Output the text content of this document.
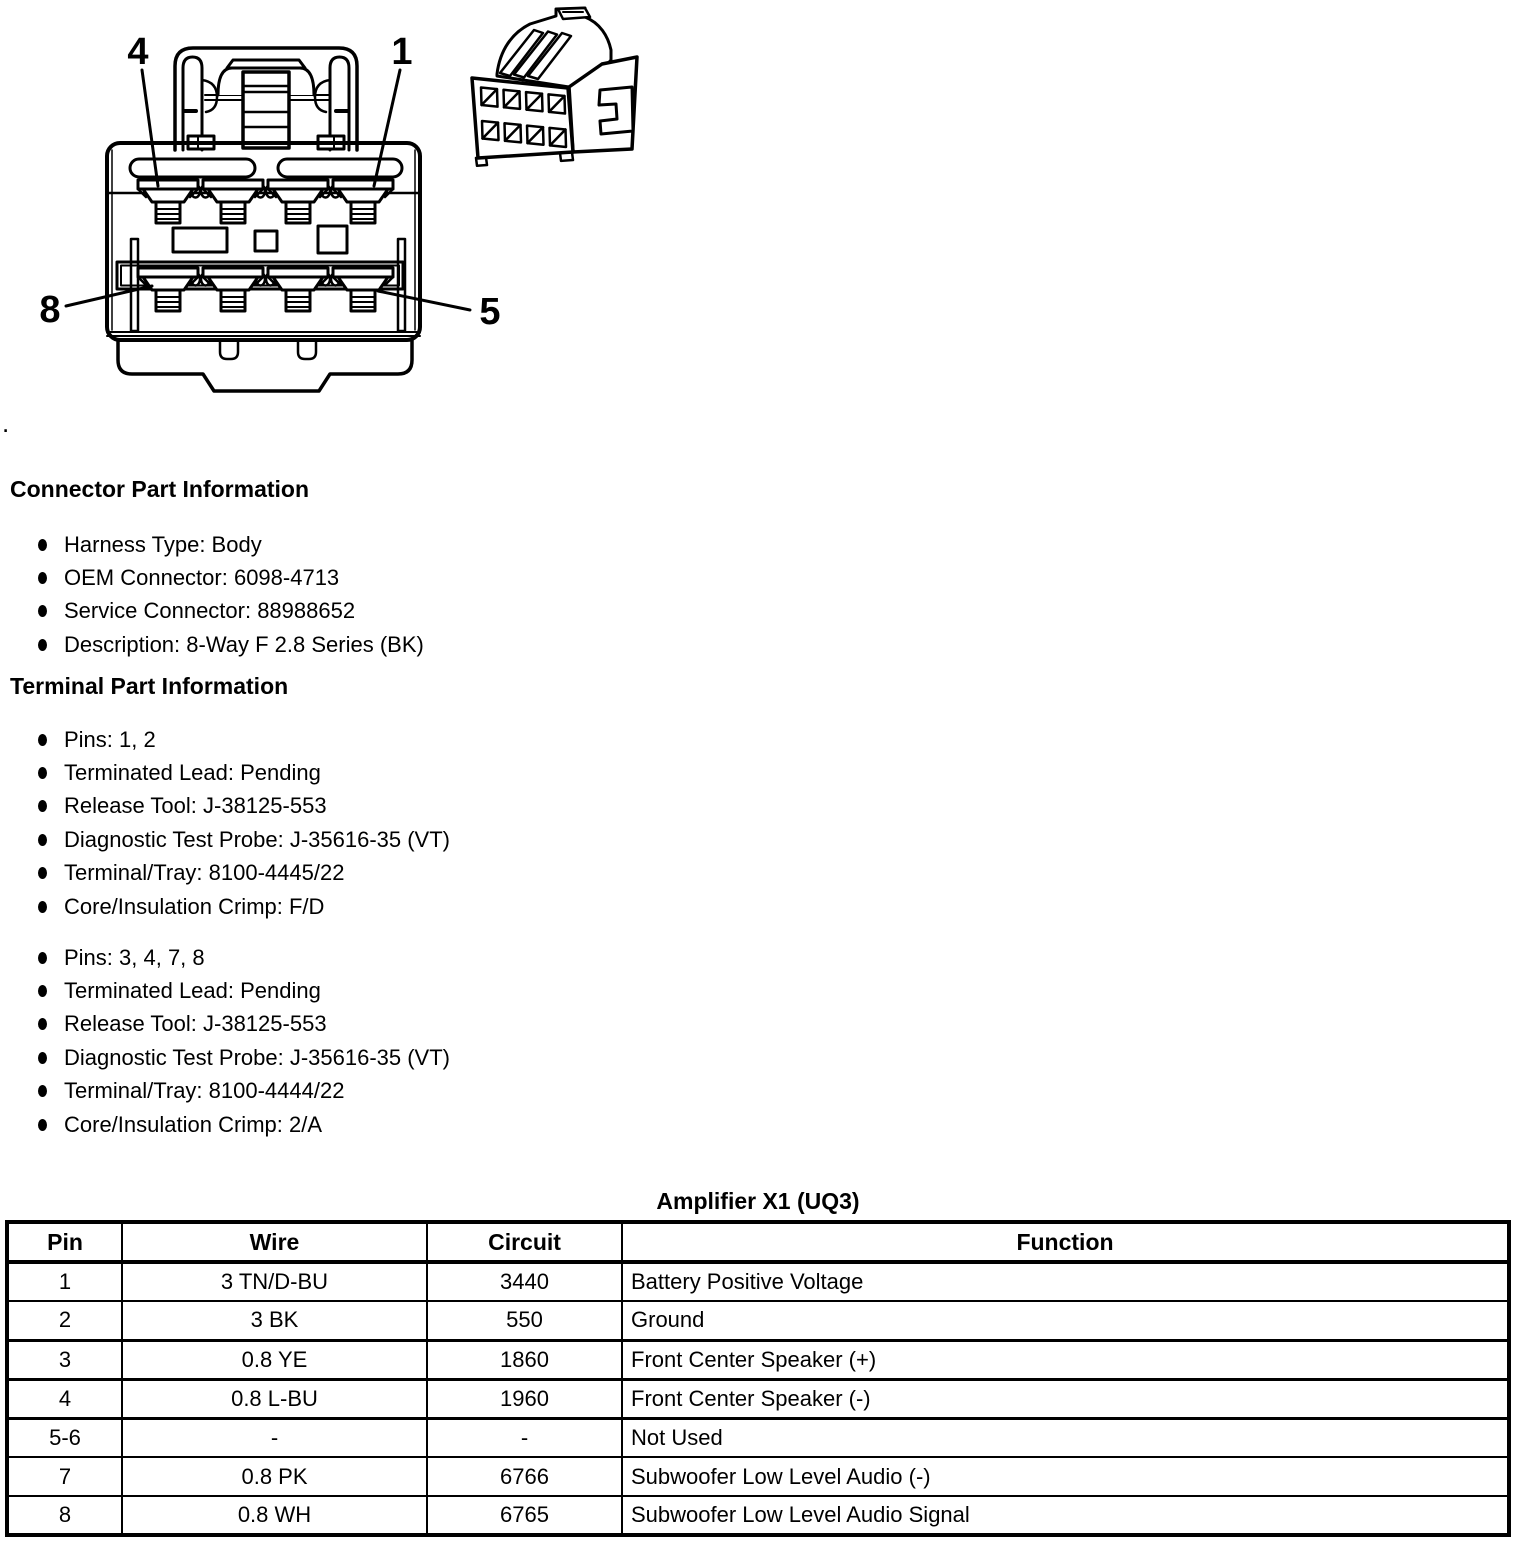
4	1
8	5
.
Connector Part Information
Harness Type: Body
OEM Connector: 6098-4713
Service Connector: 88988652
Description: 8-Way F 2.8 Series (BK)
Terminal Part Information
Pins: 1, 2
Terminated Lead: Pending
Release Tool: J-38125-553
Diagnostic Test Probe: J-35616-35 (VT)
Terminal/Tray: 8100-4445/22
Core/Insulation Crimp: F/D
Pins: 3, 4, 7, 8
Terminated Lead: Pending
Release Tool: J-38125-553
Diagnostic Test Probe: J-35616-35 (VT)
Terminal/Tray: 8100-4444/22
Core/Insulation Crimp: 2/A
Amplifier X1 (UQ3)
Pin	Wire	Circuit	Function
1	3 TN/D-BU	3440	Battery Positive Voltage
2	3 BK	550	Ground
3	0.8 YE	1860	Front Center Speaker (+)
4	0.8 L-BU	1960	Front Center Speaker (-)
5-6	-	-	Not Used
7	0.8 PK	6766	Subwoofer Low Level Audio (-)
8	0.8 WH	6765	Subwoofer Low Level Audio Signal
